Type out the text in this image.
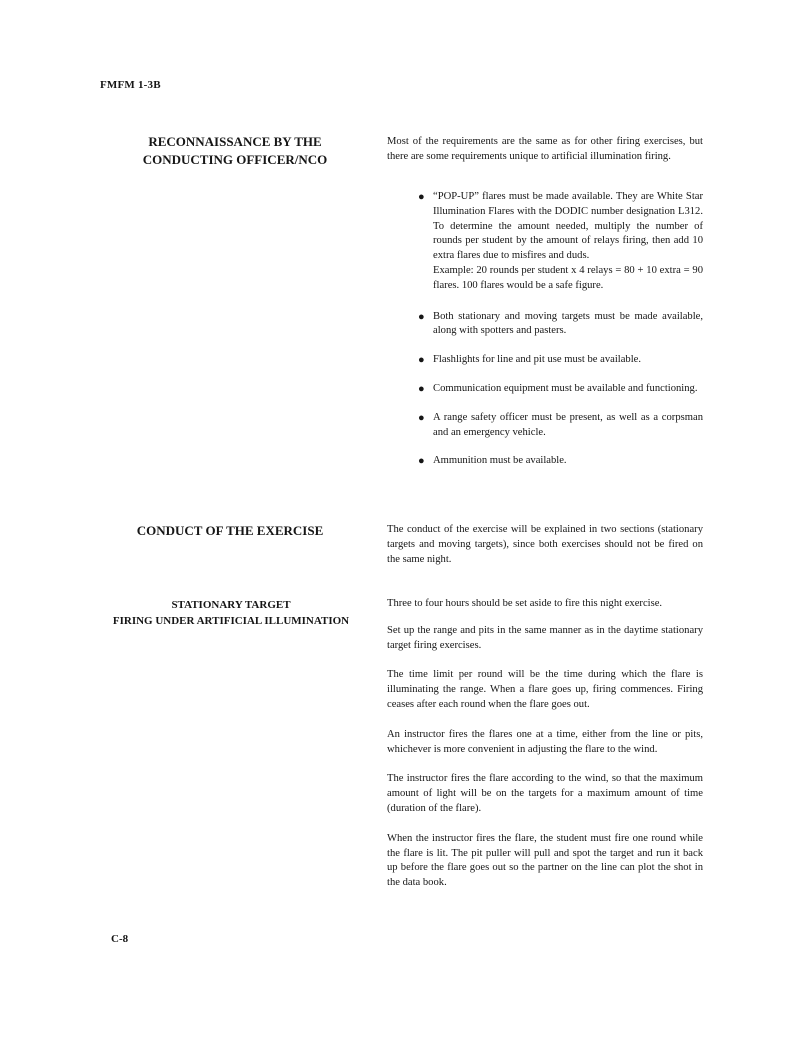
FMFM 1-3B
RECONNAISSANCE BY THE CONDUCTING OFFICER/NCO
Most of the requirements are the same as for other firing exercises, but there are some requirements unique to artificial illumination firing.
● “POP-UP” flares must be made available. They are White Star Illumination Flares with the DODIC number designation L312. To determine the amount needed, multiply the number of rounds per student by the amount of relays firing, then add 10 extra flares due to misfires and duds.
Example: 20 rounds per student x 4 relays = 80 + 10 extra = 90 flares. 100 flares would be a safe figure.
● Both stationary and moving targets must be made available, along with spotters and pasters.
● Flashlights for line and pit use must be available.
● Communication equipment must be available and functioning.
● A range safety officer must be present, as well as a corpsman and an emergency vehicle.
● Ammunition must be available.
CONDUCT OF THE EXERCISE	The conduct of the exercise will be explained in two sections (stationary targets and moving targets), since both exercises should not be fired on the same night.
STATIONARY TARGET
FIRING UNDER ARTIFICIAL ILLUMINATION

Three to four hours should be set aside to fire this night exercise.

Set up the range and pits in the same manner as in the daytime stationary target firing exercises.

The time limit per round will be the time during which the flare is illuminating the range. When a flare goes up, firing commences. Firing ceases after each round when the flare goes out.

An instructor fires the flares one at a time, either from the line or pits, whichever is more convenient in adjusting the flare to the wind.

The instructor fires the flare according to the wind, so that the maximum amount of light will be on the targets for a maximum amount of time (duration of the flare).

When the instructor fires the flare, the student must fire one round while the flare is lit. The pit puller will pull and spot the target and run it back up before the flare goes out so the partner on the line can plot the shot in the data book.

C-8
